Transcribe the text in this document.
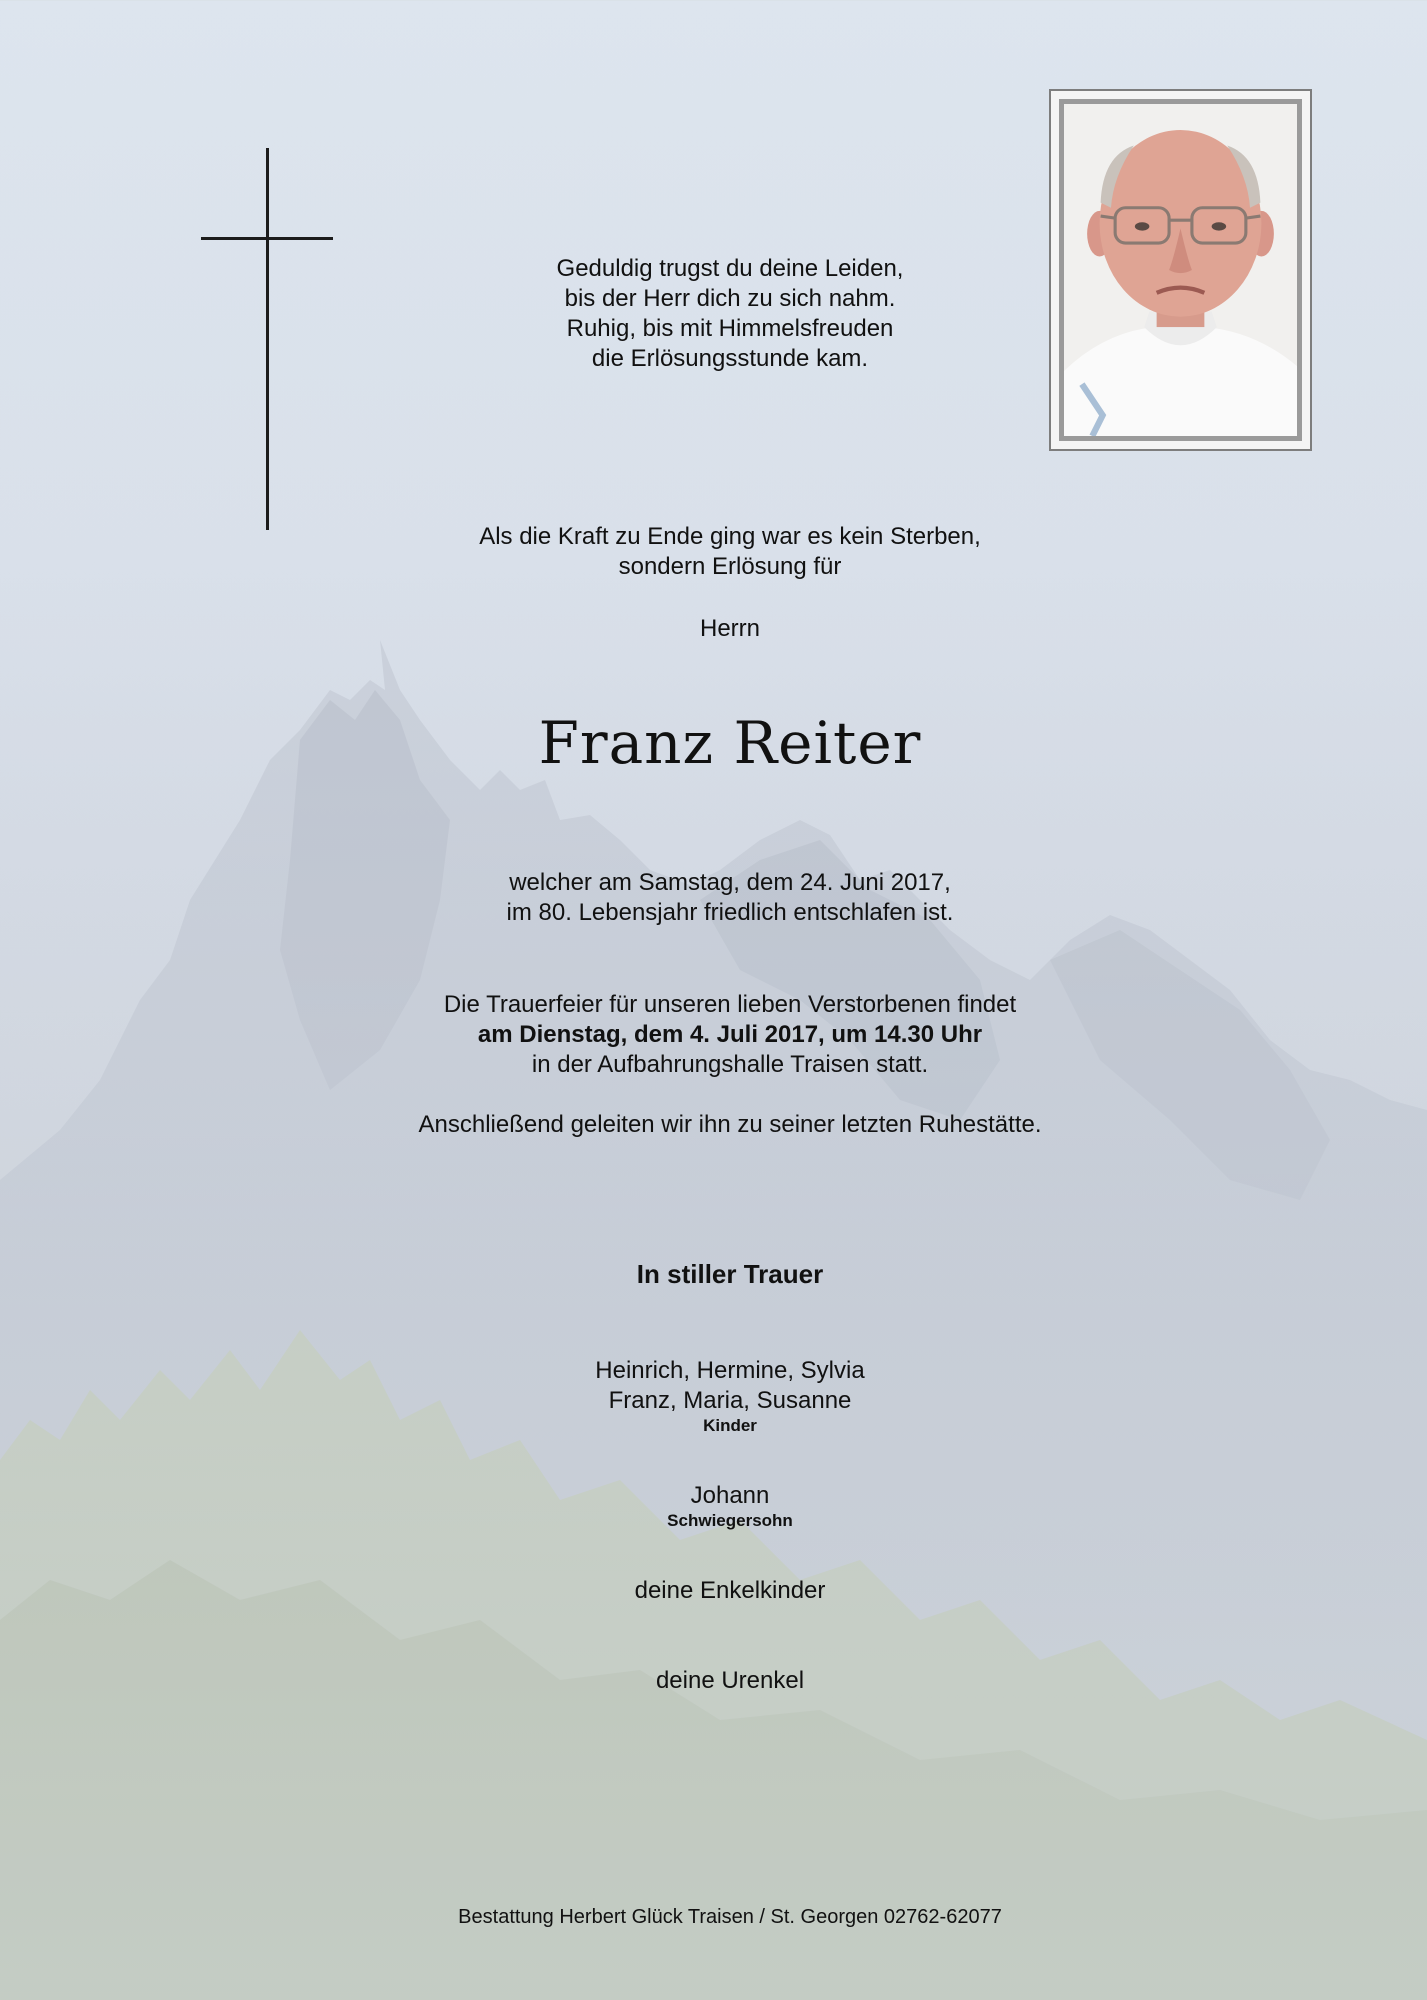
Geduldig trugst du deine Leiden,
bis der Herr dich zu sich nahm.
Ruhig, bis mit Himmelsfreuden
die Erlösungsstunde kam.
Als die Kraft zu Ende ging war es kein Sterben,
sondern Erlösung für
Herrn
Franz Reiter
welcher am Samstag, dem 24. Juni 2017,
im 80. Lebensjahr friedlich entschlafen ist.
Die Trauerfeier für unseren lieben Verstorbenen findet
am Dienstag, dem 4. Juli 2017, um 14.30 Uhr
in der Aufbahrungshalle Traisen statt.
Anschließend geleiten wir ihn zu seiner letzten Ruhestätte.
In stiller Trauer
Heinrich, Hermine, Sylvia
Franz, Maria, Susanne
Kinder
Johann
Schwiegersohn
deine Enkelkinder
deine Urenkel
Bestattung Herbert Glück Traisen / St. Georgen 02762-62077
